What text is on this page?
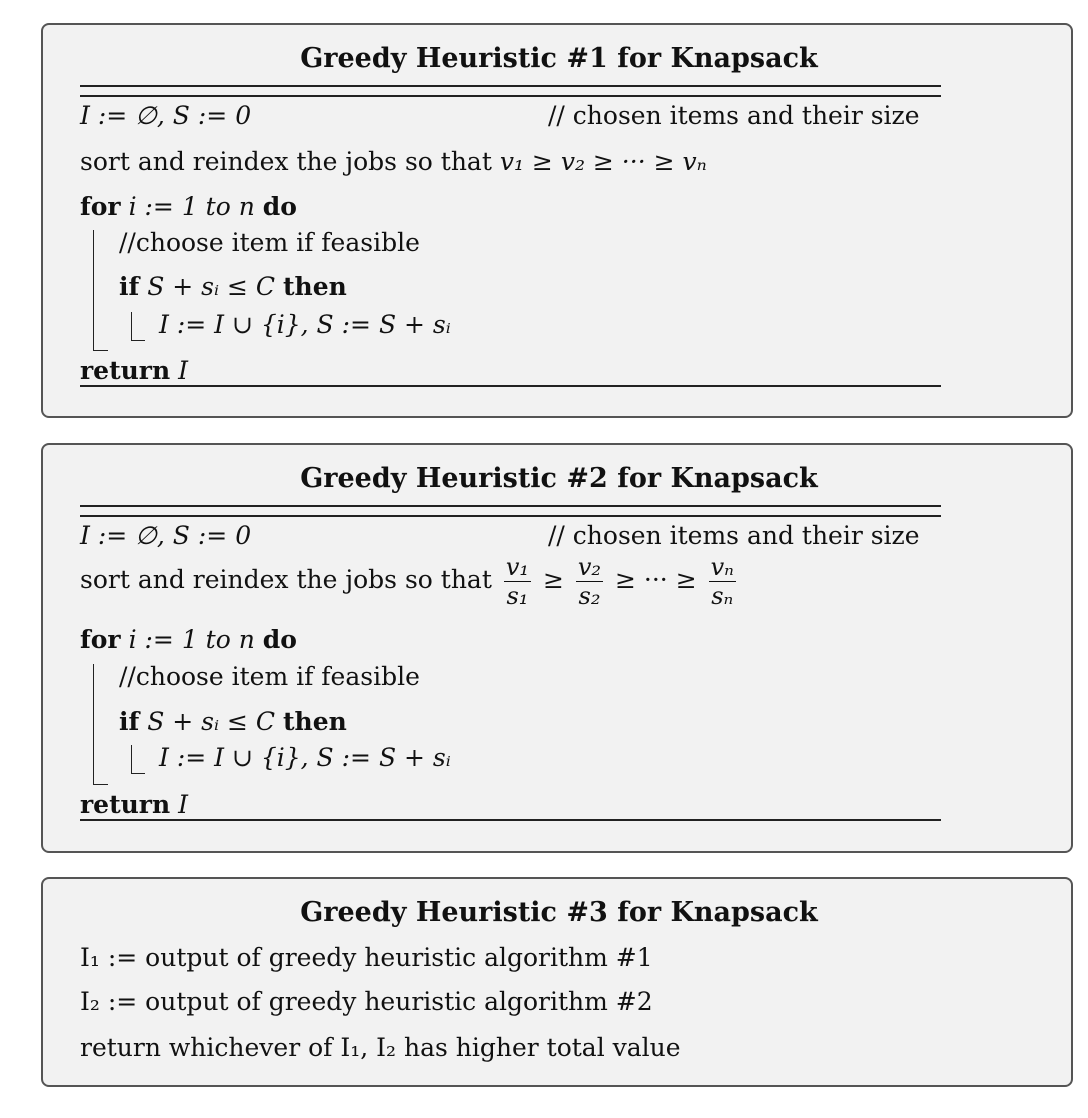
Greedy Heuristic #1 for Knapsack
I := ∅, S := 0	// chosen items and their size
sort and reindex the jobs so that v₁ ≥ v₂ ≥ ··· ≥ vₙ
for i := 1 to n do
//choose item if feasible
if S + sᵢ ≤ C then
I := I ∪ {i}, S := S + sᵢ
return I
Greedy Heuristic #2 for Knapsack
I := ∅, S := 0	// chosen items and their size
sort and reindex the jobs so that $\frac{\text{v₁}}{\text{s₁}} \ge \frac{\text{v₂}}{\text{s₂}}$ ≥ ··· ≥ $\frac{\text{vₙ}}{\text{sₙ}}$
for i := 1 to n do
//choose item if feasible
if S + sᵢ ≤ C then
I := I ∪ {i}, S := S + sᵢ
return I
Greedy Heuristic #3 for Knapsack
I₁ := output of greedy heuristic algorithm #1
I₂ := output of greedy heuristic algorithm #2
return whichever of I₁, I₂ has higher total value
